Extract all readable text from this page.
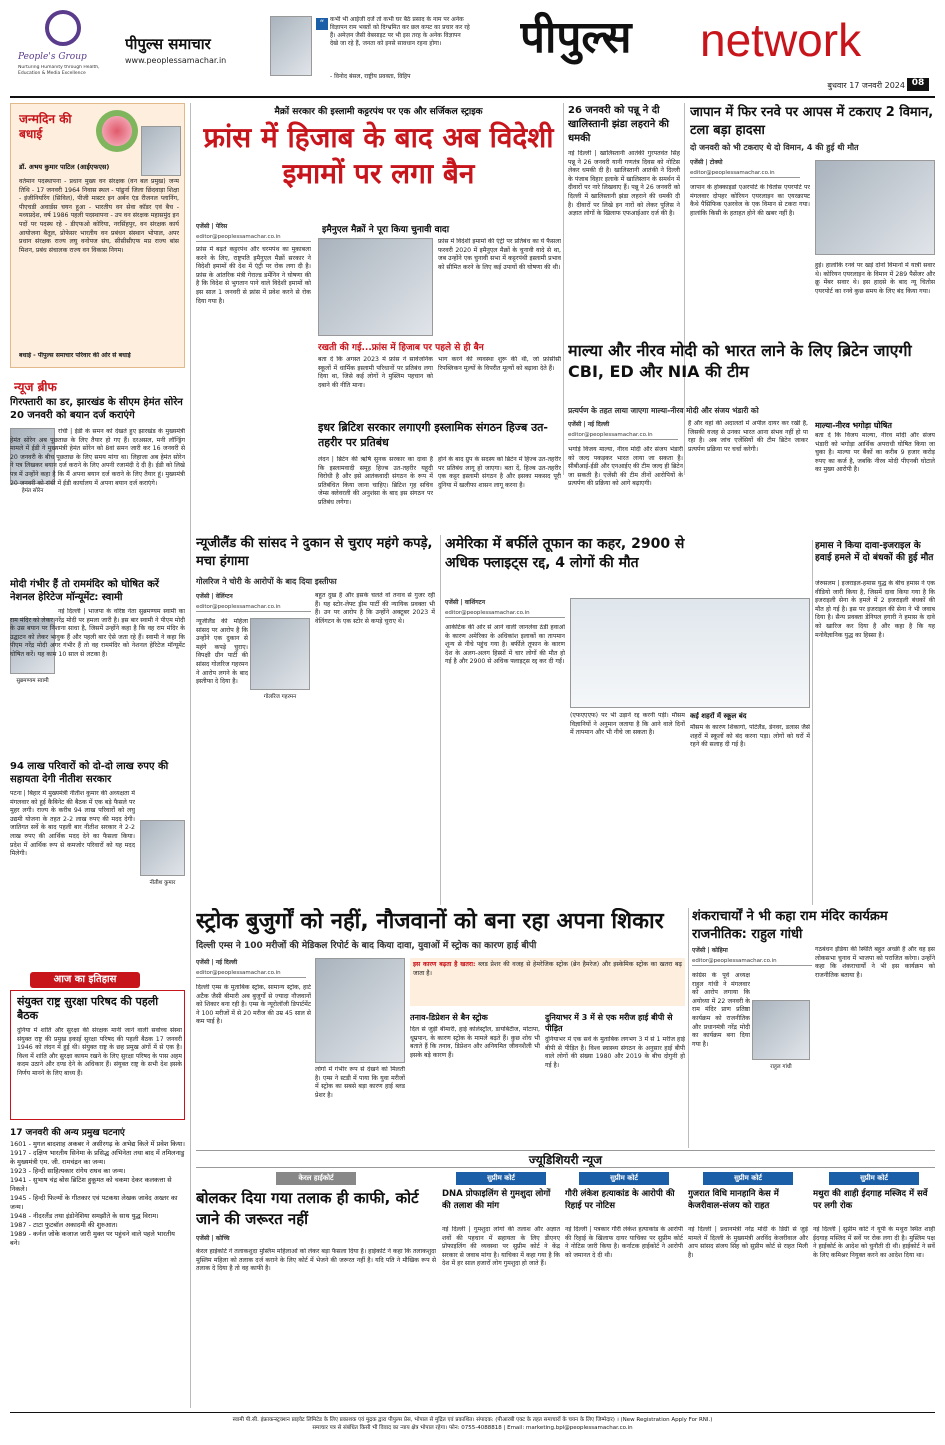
People's Group
Nurturing Humanity through Health, Education & Media Excellence
पीपुल्स समाचार
www.peoplessamachar.in
“ कभी भी आईजी दर्जे तो कभी घर बैठे प्रसाद के नाम पर अनेक विज्ञापन राम भक्तों को दिग्भ्रमित कर छल कपट का प्रचार कर रहे हैं। अमेज़न जैसी वेबसाइट पर भी इस तरह के अनेक विज्ञापन देखे जा रहे हैं, जनता को इनसे सावधान रहना होगा।
- विनोद बंसल, राष्ट्रीय प्रवक्ता, विहिप
पीपुल्स	network
बुधवार 17 जनवरी 2024 08
जन्मदिन की बधाई
डॉ. अभय कुमार पाटिल (आईएफएस)
वर्तमान पदस्थापना - प्रधान मुख्य वन संरक्षक (वन बल प्रमुख) जन्म तिथि - 17 जनवरी 1964 निवास स्थल - पांढुर्ना जिला छिंदवाड़ा शिक्षा - इंजीनियरिंग (सिविल), पीजी मास्टर इन अर्बन एंड रीजनल प्लानिंग, पीएचडी अवार्डस चयन हुआ - भारतीय वन सेवा कॉडर एवं बैच - मध्यप्रदेश, वर्ष 1986 पहली पदस्थापना - उप वन संरक्षक महासमुंद इन पदों पर पदस्थ रहे - डीएफओ कोरिया, नरसिंहपुर, वन संरक्षक कार्य आयोजना बैतूल, प्रोफेसर भारतीय वन प्रबंधन संस्थान भोपाल, अपर प्रधान संरक्षक राज्य लघु वनोपज संघ, सीसीसीएफ मप्र राज्य बांस मिशन, प्रबंध संचालक राज्य वन विकास निगम।
बधाई - पीपुल्स समाचार परिवार की ओर से बधाई
न्यूज ब्रीफ
गिरफ्तारी का डर, झारखंड के सीएम हेमंत सोरेन 20 जनवरी को बयान दर्ज कराएंगे
हेमंत सोरेन
रांची | ईडी के समन को देखते हुए झारखंड के मुख्यमंत्री हेमंत सोरेन अब पूछताछ के लिए तैयार हो गए हैं। दरअसल, मनी लॉन्ड्रिंग मामले में ईडी ने मुख्यमंत्री हेमंत सोरेन को 8वां समन जारी कर 16 जनवरी से 20 जनवरी के बीच पूछताछ के लिए समय मांगा था। लिहाजा अब हेमंत सोरेन ने पत्र लिखकर बयान दर्ज कराने के लिए अपनी रजामंदी दे दी है। ईडी को लिखे पत्र में उन्होंने कहा है कि मैं अपना बयान दर्ज कराने के लिए तैयार हूं। मुख्यमंत्री 20 जनवरी को रांची में ईडी कार्यालय में अपना बयान दर्ज कराएंगे।
मोदी गंभीर हैं तो राममंदिर को घोषित करें नेशनल हेरिटेज मॉन्यूमेंट: स्वामी
सुब्रमण्यम स्वामी
नई दिल्ली | भाजपा के वरिष्ठ नेता सुब्रमण्यम स्वामी का राम मंदिर को लेकर नरेंद्र मोदी पर हमला जारी है। इस बार स्वामी ने पीएम मोदी के उस बयान पर निशाना साधा है, जिसमें उन्होंने कहा है कि वह राम मंदिर के उद्घाटन को लेकर भावुक हैं और पहली बार ऐसे जता रहे हैं। स्वामी ने कहा कि पीएम नरेंद्र मोदी अगर गंभीर हैं तो वह राममंदिर को नेशनल हेरिटेज मॉन्यूमेंट घोषित करें। यह काम 10 साल से लटका है।
94 लाख परिवारों को दो-दो लाख रुपए की सहायता देगी नीतीश सरकार
नीतीश कुमार
पटना | बिहार में मुख्यमंत्री नीतीश कुमार की अध्यक्षता में मंगलवार को हुई कैबिनेट की बैठक में एक बड़े फैसले पर मुहर लगी। राज्य के करीब 94 लाख परिवारों को लघु उद्यमी योजना के तहत 2-2 लाख रुपए की मदद देगी। जातिगत सर्वे के बाद पहली बार नीतीश सरकार ने 2-2 लाख रुपए की आर्थिक मदद देने का फैसला किया। प्रदेश में आर्थिक रूप से कमजोर परिवारों को यह मदद मिलेगी।
आज का इतिहास
संयुक्त राष्ट्र सुरक्षा परिषद की पहली बैठक
दुनिया में शांति और सुरक्षा की संरक्षक मानी जाने वाली सर्वोच्च संस्था संयुक्त राष्ट्र की प्रमुख इकाई सुरक्षा परिषद की पहली बैठक 17 जनवरी 1946 को लंदन में हुई थी। संयुक्त राष्ट्र के छह प्रमुख अंगों में से एक है। विश्व में शांति और सुरक्षा कायम रखने के लिए सुरक्षा परिषद के पास अहम कदम उठाने और दण्ड देने के अधिकार हैं। संयुक्त राष्ट्र के सभी देश इसके निर्णय मानने के लिए बाध्य हैं।
17 जनवरी की अन्य प्रमुख घटनाएं
1601 - मुगल बादशाह अकबर ने असीरगढ़ के अभेद्य किले में प्रवेश किया।
1917 - दक्षिण भारतीय सिनेमा के प्रसिद्ध अभिनेता तथा बाद में तमिलनाडु के मुख्यमंत्री एम. जी. रामचंद्रन का जन्म।
1923 - हिन्दी साहित्यकार रांगेय राघव का जन्म।
1941 - सुभाष चंद्र बोस ब्रिटिश हुकूमत को चकमा देकर कलकत्ता से निकले।
1945 - हिन्दी फिल्मों के गीतकार एवं पटकथा लेखक जावेद अख्तर का जन्म।
1948 - नीदरलैंड तथा इंडोनेशिया समझौते के साथ युद्ध विराम।
1987 - टाटा फुटबॉल अकादमी की शुरुआत।
1989 - कर्नल जोके कजाज जारी मुक्त पर पहुंचने वाले पहले भारतीय बने।
मैक्रों सरकार की इस्लामी कट्टरपंथ पर एक और सर्जिकल स्ट्राइक
फ्रांस में हिजाब के बाद अब विदेशी इमामों पर लगा बैन
एजेंसी | पेरिस
editor@peoplessamachar.co.in
इमैनुएल मैक्रों ने पूरा किया चुनावी वादा
फ्रांस में बढ़ते कट्टरपंथ और चरमपंथ का मुकाबला करने के लिए, राष्ट्रपति इमैनुएल मैक्रों सरकार ने विदेशी इमामों की देश में एंट्री पर रोक लगा दी है। फ्रांस के आंतरिक मंत्री गेराल्ड डर्मेनिन ने घोषणा की है कि विदेश से भुगतान पाने वाले विदेशी इमामों को इस साल 1 जनवरी से फ्रांस में प्रवेश करने से रोक दिया गया है।
फ्रांस में विदेशी इमामों की एंट्री पर प्रतिबंध का ये फैसला फरवरी 2020 में इमैनुएल मैक्रों के चुनावी वादे से था, जब उन्होंने एक चुनावी सभा में कट्टरपंथी इस्लामी प्रभाव को सीमित करने के लिए कई उपायों की घोषणा की थी।
रखती की गई...फ्रांस में हिजाब पर पहले से ही बैन
बता दें कि अगस्त 2023 में फ्रांस ने सार्वजनिक स्कूलों में धार्मिक इस्लामी परिधानों पर प्रतिबंध लगा दिया था, जिसे कई लोगों ने मुस्लिम पहचान को दबाने की नीति माना।
भाग करने की व्यवस्था शुरू की थी, जो फ्रांसीसी रिपब्लिकन मूल्यों के विपरीत मूल्यों को बढ़ावा देते हैं।
इधर ब्रिटिश सरकार लगाएगी इस्लामिक संगठन हिज्ब उत-तहरीर पर प्रतिबंध
लंदन | ब्रिटेन की ऋषि सुनक सरकार का दावा है कि इस्लामवादी समूह हिज्ब उत-तहरीर यहूदी विरोधी है और इसे आतंकवादी संगठन के रूप में प्रतिबंधित किया जाना चाहिए। ब्रिटिश गृह सचिव जेम्स क्लेवरली की अनुशंसा के बाद इस संगठन पर प्रतिबंध लगेगा।
होने के बाद ग्रुप के सदस्य को ब्रिटेन में हिज्ब उत-तहरीर पर प्रतिबंध लागू हो जाएगा। बता दें, हिज्ब उत-तहरीर एक कट्टर इस्लामी संगठन है और इसका मकसद पूरी दुनिया में खलीफा शासन लागू करना है।
26 जनवरी को पन्नू ने दी खालिस्तानी झंडा लहराने की धमकी
नई दिल्ली | खालिस्तानी आतंकी गुरपतवंत सिंह पन्नू ने 26 जनवरी यानी गणतंत्र दिवस को नोटिस लेकर धमकी दी है। खालिस्तानी आतंकी ने दिल्ली के पंजाब विहार इलाके में खालिस्तान के समर्थन में दीवारों पर नारे लिखवाए हैं। पन्नू ने 26 जनवरी को दिल्ली में खालिस्तानी झंडा लहराने की धमकी दी है। दीवारों पर लिखे इन नारों को लेकर पुलिस ने अज्ञात लोगों के खिलाफ एफआईआर दर्ज की है।
जापान में फिर रनवे पर आपस में टकराए 2 विमान, टला बड़ा हादसा
दो जनवरी को भी टकराए थे दो विमान, 4 की हुई थी मौत
एजेंसी | टोक्यो
editor@peoplessamachar.co.in
जापान के होक्काइडो एअरपोर्ट के चितोस एयरपोर्ट पर मंगलवार दोपहर कोरियन एयरलाइन का एयरक्राफ्ट कैथे पैसिफिक एअरवेज के एक विमान से टकरा गया। हालांकि किसी के हताहत होने की खबर नहीं है।
हुई। हालांकि रनवे पर खड़े दोनों विमानों में यात्री सवार थे। कोरियन एयरलाइन के विमान में 289 पैसेंजर और क्रू मेंबर सवार थे। इस हादसे के बाद न्यू चितोस एयरपोर्ट का रनवे कुछ समय के लिए बंद किया गया।
माल्या और नीरव मोदी को भारत लाने के लिए ब्रिटेन जाएगी CBI, ED और NIA की टीम
प्रत्यर्पण के तहत लाया जाएगा माल्या-नीरव मोदी और संजय भंडारी को
एजेंसी | नई दिल्ली
editor@peoplessamachar.co.in
भगोड़े विजय माल्या, नीरव मोदी और संजय भंडारी को जल्द पकड़कर भारत लाया जा सकता है। सीबीआई-ईडी और एनआईए की टीम जल्द ही ब्रिटेन जा सकती है। एजेंसी की टीम तीनों आरोपियों के प्रत्यर्पण की प्रक्रिया को आगे बढ़ाएगी।
हैं और वहां की अदालतों में अपील दायर कर रखी है, जिसकी वजह से उनका भारत आना संभव नहीं हो पा रहा है। अब जांच एजेंसियों की टीम ब्रिटेन जाकर प्रत्यर्पण प्रक्रिया पर चर्चा करेगी।
माल्या-नीरव भगोड़ा घोषित
बता दें कि विजय माल्या, नीरव मोदी और संजय भंडारी को भगोड़ा आर्थिक अपराधी घोषित किया जा चुका है। माल्या पर बैंकों का करीब 9 हजार करोड़ रुपए का कर्ज है, जबकि नीरव मोदी पीएनबी घोटाले का मुख्य आरोपी है।
न्यूजीलैंड की सांसद ने दुकान से चुराए महंगे कपड़े, मचा हंगामा
गोलरिज ने चोरी के आरोपों के बाद दिया इस्तीफा
एजेंसी | वेलिंग्टन
editor@peoplessamachar.co.in
गोलरिज गहरमन
न्यूजीलैंड की महिला सांसद पर आरोप है कि उन्होंने एक दुकान से महंगे कपड़े चुराए। विपक्षी ग्रीन पार्टी की सांसद गोलरिज गहरमन ने आरोप लगने के बाद इस्तीफा दे दिया है।
बहुत दुख है और इसके चलते वो तनाव से गुजर रही हैं। यह स्टोर-लेफ्ट ड्रीम पार्टी की न्यायिक प्रवक्ता भी हैं। उन पर आरोप है कि उन्होंने अक्टूबर 2023 में वेलिंगटन के एक स्टोर से कपड़े चुराए थे।
अमेरिका में बर्फीले तूफान का कहर, 2900 से अधिक फ्लाइट्स रद्द, 4 लोगों की मौत
एजेंसी | वाशिंगटन
editor@peoplessamachar.co.in
आर्कटिक की ओर से आने वाली जानलेवा ठंडी हवाओं के कारण अमेरिका के अधिकांश इलाकों का तापमान शून्य से नीचे पहुंच गया है। बर्फीले तूफान के कारण देश के अलग-अलग हिस्सों में चार लोगों की मौत हो गई है और 2900 से अधिक फ्लाइट्स रद्द कर दी गईं।
(एफएएएफ) पर भी उड़ानें रद्द करनी पड़ीं। मौसम विज्ञानियों ने अनुमान जताया है कि आने वाले दिनों में तापमान और भी नीचे जा सकता है।
कई शहरों में स्कूल बंद
मौसम के कारण शिकागो, पोर्टलैंड, डेनवर, डलास जैसे शहरों में स्कूलों को बंद करना पड़ा। लोगों को घरों में रहने की सलाह दी गई है।
हमास ने किया दावा-इजराइल के हवाई हमले में दो बंधकों की हुई मौत
जेरुसलम | इजराइल-हमास युद्ध के बीच हमास ने एक वीडियो जारी किया है, जिसमें दावा किया गया है कि इजराइली सेना के हमले में 2 इजराइली बंधकों की मौत हो गई है। इस पर इजराइल की सेना ने भी जवाब दिया है। सैन्य प्रवक्ता डेनियल हगारी ने हमास के दावे को खारिज कर दिया है और कहा है कि यह मनोवैज्ञानिक युद्ध का हिस्सा है।
स्ट्रोक बुजुर्गों को नहीं, नौजवानों को बना रहा अपना शिकार
दिल्ली एम्स ने 100 मरीजों की मेडिकल रिपोर्ट के बाद किया दावा, युवाओं में स्ट्रोक का कारण हाई बीपी
एजेंसी | नई दिल्ली
editor@peoplessamachar.co.in
दिल्ली एम्स के मुताबिक स्ट्रोक, सामान्य स्ट्रोक, हार्ट अटैक जैसी बीमारी अब बुजुर्गों से ज्यादा नौजवानों को शिकार बना रही है। एम्स के न्यूरोलॉजी डिपार्टमेंट ने 100 मरीजों में से 20 मरीज की उम्र 45 साल से कम पाई है।
लोगों में गंभीर रूप से देखने को मिलती है। एम्स ने स्टडी में पाया कि युवा मरीजों में स्ट्रोक का सबसे बड़ा कारण हाई ब्लड प्रेशर है।
इस कारण बढ़ता है खतरा: ब्लड प्रेशर की वजह से हेमरेजिक स्ट्रोक (ब्रेन हैमरेज) और इस्केमिक स्ट्रोक का खतरा बढ़ जाता है।
तनाव-डिप्रेशन से बैन स्ट्रोक
दिल से जुड़ी बीमारी, हाई कोलेस्ट्रॉल, डायबिटीज, मोटापा, धूम्रपान, के कारण स्ट्रोक के मामले बढ़ते हैं। कुछ शोध भी बताते हैं कि तनाव, डिप्रेशन और अनियमित जीवनशैली भी इसके बड़े कारण हैं।
दुनियाभर में 3 में से एक मरीज हाई बीपी से पीड़ित
दुनियाभर में एक सर्वे के मुताबिक लगभग 3 में से 1 मरीज हाई बीपी से पीड़ित है। विश्व स्वास्थ्य संगठन के अनुसार हाई बीपी वाले लोगों की संख्या 1980 और 2019 के बीच दोगुनी हो गई है।
शंकराचार्यों ने भी कहा राम मंदिर कार्यक्रम राजनीतिक: राहुल गांधी
एजेंसी | कोहिमा
editor@peoplessamachar.co.in
राहुल गांधी
कांग्रेस के पूर्व अध्यक्ष राहुल गांधी ने मंगलवार को आरोप लगाया कि अयोध्या में 22 जनवरी के राम मंदिर प्राण प्रतिष्ठा कार्यक्रम को राजनीतिक और प्रधानमंत्री नरेंद्र मोदी का कार्यक्रम बना दिया गया है।
गठबंधन इंडिया की स्थिति बहुत अच्छी है और वह इस लोकसभा चुनाव में भाजपा को पराजित करेगा। उन्होंने कहा कि शंकराचार्यों ने भी इस कार्यक्रम को राजनीतिक बताया है।
ज्यूडिशियरी न्यूज
केरल हाईकोर्ट
बोलकर दिया गया तलाक ही काफी, कोर्ट जाने की जरूरत नहीं
एजेंसी | कोच्चि
केरल हाईकोर्ट ने तलाकशुदा मुस्लिम महिलाओं को लेकर बड़ा फैसला दिया है। हाईकोर्ट ने कहा कि तलाकशुदा मुस्लिम महिला को तलाक दर्ज कराने के लिए कोर्ट में भेजने की जरूरत नहीं है। यदि पति ने मौखिक रूप से तलाक दे दिया है तो वह काफी है।
सुप्रीम कोर्ट
DNA प्रोफाइलिंग से गुमशुदा लोगों की तलाश की मांग
नई दिल्ली | गुमशुदा लोगों की तलाश और अज्ञात शवों की पहचान में सहायता के लिए डीएनए प्रोफाइलिंग की व्यवस्था पर सुप्रीम कोर्ट ने केंद्र सरकार से जवाब मांगा है। याचिका में कहा गया है कि देश में हर साल हजारों लोग गुमशुदा हो जाते हैं।
सुप्रीम कोर्ट
गौरी लंकेश हत्याकांड के आरोपी की रिहाई पर नोटिस
नई दिल्ली | पत्रकार गौरी लंकेश हत्याकांड के आरोपी की रिहाई के खिलाफ दायर याचिका पर सुप्रीम कोर्ट ने नोटिस जारी किया है। कर्नाटक हाईकोर्ट ने आरोपी को जमानत दे दी थी।
सुप्रीम कोर्ट
गुजरात विधि मानहानि केस में केजरीवाल-संजय को राहत
नई दिल्ली | प्रधानमंत्री नरेंद्र मोदी के डिग्री से जुड़े मामले में दिल्ली के मुख्यमंत्री अरविंद केजरीवाल और आप सांसद संजय सिंह को सुप्रीम कोर्ट से राहत मिली है।
सुप्रीम कोर्ट
मथुरा की शाही ईदगाह मस्जिद में सर्वे पर लगी रोक
नई दिल्ली | सुप्रीम कोर्ट ने यूपी के मथुरा स्थित शाही ईदगाह मस्जिद में सर्वे पर रोक लगा दी है। मुस्लिम पक्ष ने हाईकोर्ट के आदेश को चुनौती दी थी। हाईकोर्ट ने सर्वे के लिए कमिश्नर नियुक्त करने का आदेश दिया था।
स्वामी पी.सी. इंफ्राकन्स्ट्रक्शन प्राइवेट लिमिटेड के लिए प्रकाशक एवं मुद्रक द्वारा पीपुल्स प्रेस, भोपाल से मुद्रित एवं प्रकाशित। संपादक: (पीआरबी एक्ट के तहत समाचारों के चयन के लिए जिम्मेदार) । (New Registration Apply For RNI.)
समाचार पत्र से संबंधित किसी भी विवाद का न्याय क्षेत्र भोपाल रहेगा। फोन: 0755-4088818 | Email: marketing.bpl@peoplessamachar.co.in
